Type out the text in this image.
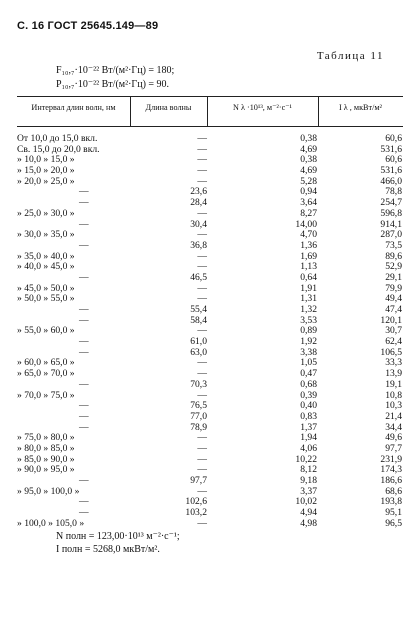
С. 16 ГОСТ 25645.149—89
Таблица 11
F₁₀,₇·10⁻²² Вт/(м²·Гц) = 180;
P₁₀,₇·10⁻²² Вт/(м²·Гц) = 90.
Интервал длин волн, нм	Длина волны	N λ ·10¹³, м⁻²·с⁻¹	I λ , мкВт/м²
От 10,0 до 15,0 вкл.	—	0,38	60,6
Св. 15,0 до 20,0 вкл.	—	4,69	531,6
» 10,0 » 15,0 »	—	0,38	60,6
» 15,0 » 20,0 »	—	4,69	531,6
» 20,0 » 25,0 »	—	5,28	466,0
—	23,6	0,94	78,8
—	28,4	3,64	254,7
» 25,0 » 30,0 »	—	8,27	596,8
—	30,4	14,00	914,1
» 30,0 » 35,0 »	—	4,70	287,0
—	36,8	1,36	73,5
» 35,0 » 40,0 »	—	1,69	89,6
» 40,0 » 45,0 »	—	1,13	52,9
—	46,5	0,64	29,1
» 45,0 » 50,0 »	—	1,91	79,9
» 50,0 » 55,0 »	—	1,31	49,4
—	55,4	1,32	47,4
—	58,4	3,53	120,1
» 55,0 » 60,0 »	—	0,89	30,7
—	61,0	1,92	62,4
—	63,0	3,38	106,5
» 60,0 » 65,0 »	—	1,05	33,3
» 65,0 » 70,0 »	—	0,47	13,9
—	70,3	0,68	19,1
» 70,0 » 75,0 »	—	0,39	10,8
—	76,5	0,40	10,3
—	77,0	0,83	21,4
—	78,9	1,37	34,4
» 75,0 » 80,0 »	—	1,94	49,6
» 80,0 » 85,0 »	—	4,06	97,7
» 85,0 » 90,0 »	—	10,22	231,9
» 90,0 » 95,0 »	—	8,12	174,3
—	97,7	9,18	186,6
» 95,0 » 100,0 »	—	3,37	68,6
—	102,6	10,02	193,8
—	103,2	4,94	95,1
» 100,0 » 105,0 »	—	4,98	96,5
N полн = 123,00·10¹³ м⁻²·с⁻¹;
I полн = 5268,0 мкВт/м².
